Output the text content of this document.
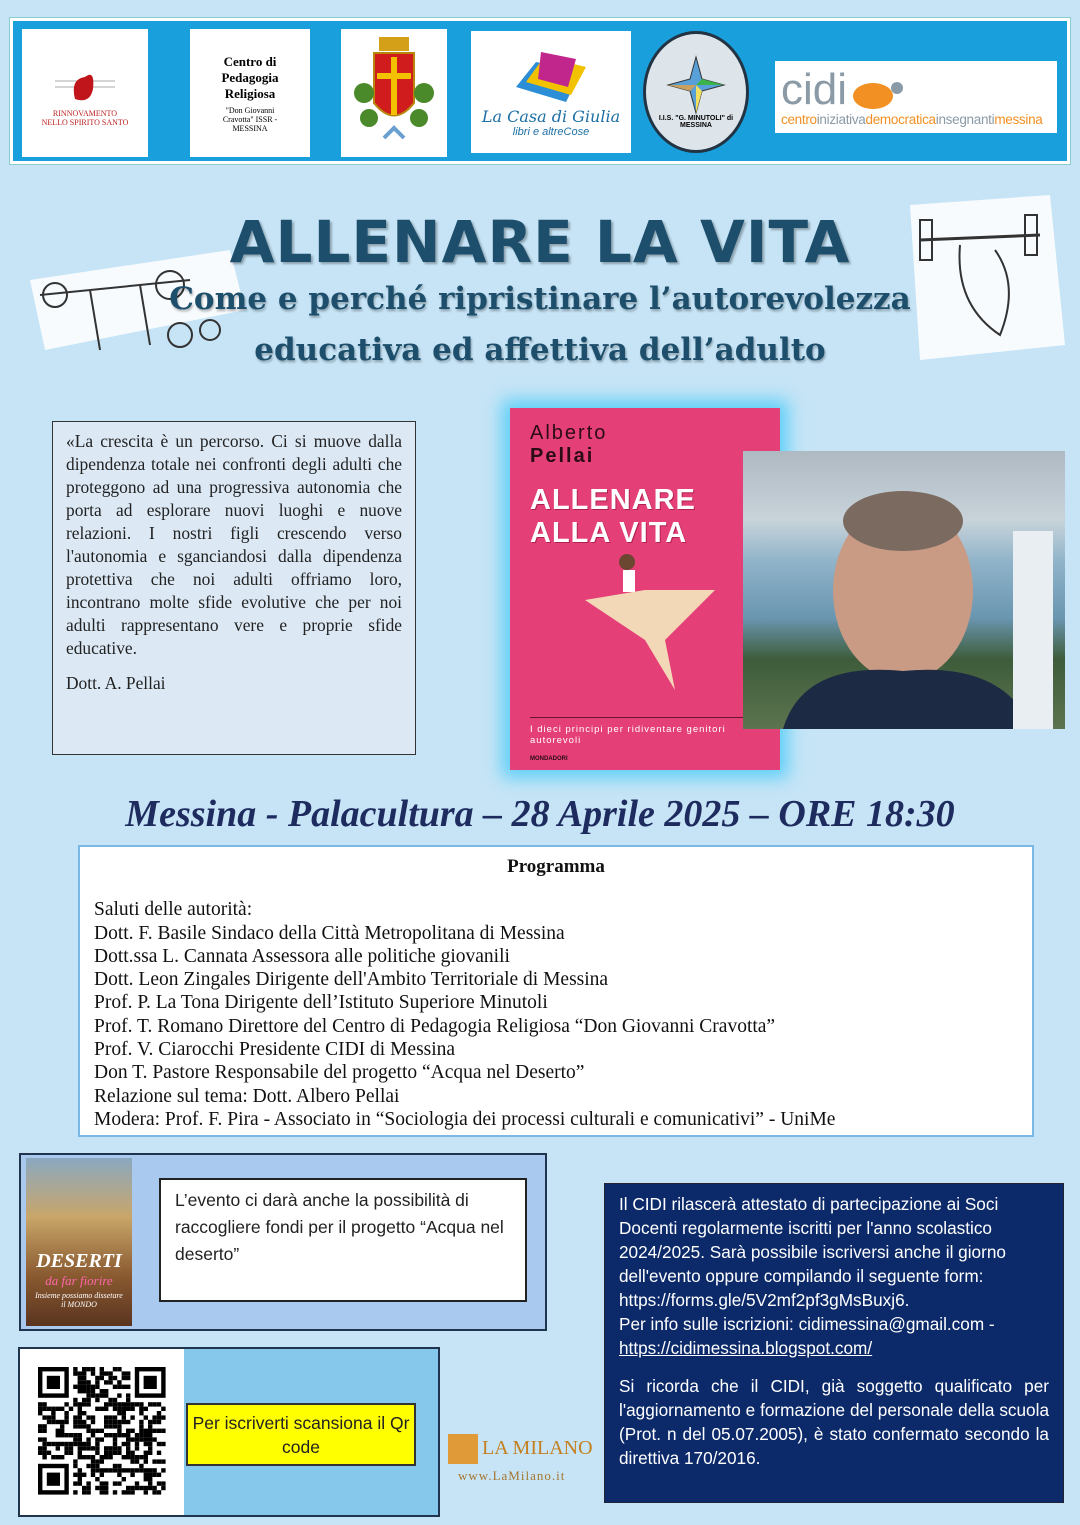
RINNOVAMENTO NELLO SPIRITO SANTO
Centro di Pedagogia Religiosa
"Don Giovanni Cravotta" ISSR - MESSINA
La Casa di Giulia
libri e altreCose
I.I.S. "G. MINUTOLI" di MESSINA
cidi
centroiniziativademocraticainsegnantimessina
ALLENARE LA VITA
Come e perché ripristinare l’autorevolezza
educativa ed affettiva dell’adulto

«La crescita è un percorso. Ci si muove dalla dipendenza totale nei confronti degli adulti che proteggono ad una progressiva autonomia che porta ad esplorare nuovi luoghi e nuove relazioni. I nostri figli crescendo verso l'autonomia e sganciandosi dalla dipendenza protettiva che noi adulti offriamo loro, incontrano molte sfide evolutive che per noi adulti rappresentano vere e proprie sfide educative.

Dott. A. Pellai

Alberto
Pellai
ALLENARE
ALLA VITA
I dieci principi per ridiventare genitori autorevoli
MONDADORI
Messina - Palacultura – 28 Aprile 2025 – ORE 18:30
Programma
Saluti delle autorità:
Dott. F. Basile Sindaco della Città Metropolitana di Messina
Dott.ssa L. Cannata Assessora alle politiche giovanili
Dott. Leon Zingales Dirigente dell'Ambito Territoriale di Messina
Prof. P. La Tona Dirigente dell’Istituto Superiore Minutoli
Prof. T. Romano Direttore del Centro di Pedagogia Religiosa “Don Giovanni Cravotta”
Prof. V. Ciarocchi Presidente CIDI di Messina
Don T. Pastore Responsabile del progetto “Acqua nel Deserto”
Relazione sul tema: Dott. Albero Pellai
Moderа: Prof. F. Pira - Associato in “Sociologia dei processi culturali e comunicativi” - UniMe
DESERTI
da far fiorire
Insieme possiamo dissetare il MONDO
L’evento ci darà anche la possibilità di raccogliere fondi per il progetto “Acqua nel deserto”
Per iscriverti scansiona il Qr code

Il CIDI rilascerà attestato di partecipazione ai Soci Docenti regolarmente iscritti per l'anno scolastico 2024/2025. Sarà possibile iscriversi anche il giorno dell'evento oppure compilando il seguente form: https://forms.gle/5V2mf2pf3gMsBuxj6.

Per info sulle iscrizioni: cidimessina@gmail.com -

https://cidimessina.blogspot.com/

Si ricorda che il CIDI, già soggetto qualificato per l'aggiornamento e formazione del personale della scuola (Prot. n del 05.07.2005), è stato confermato secondo la direttiva 170/2016.

LA MILANO
www.LaMilano.it
